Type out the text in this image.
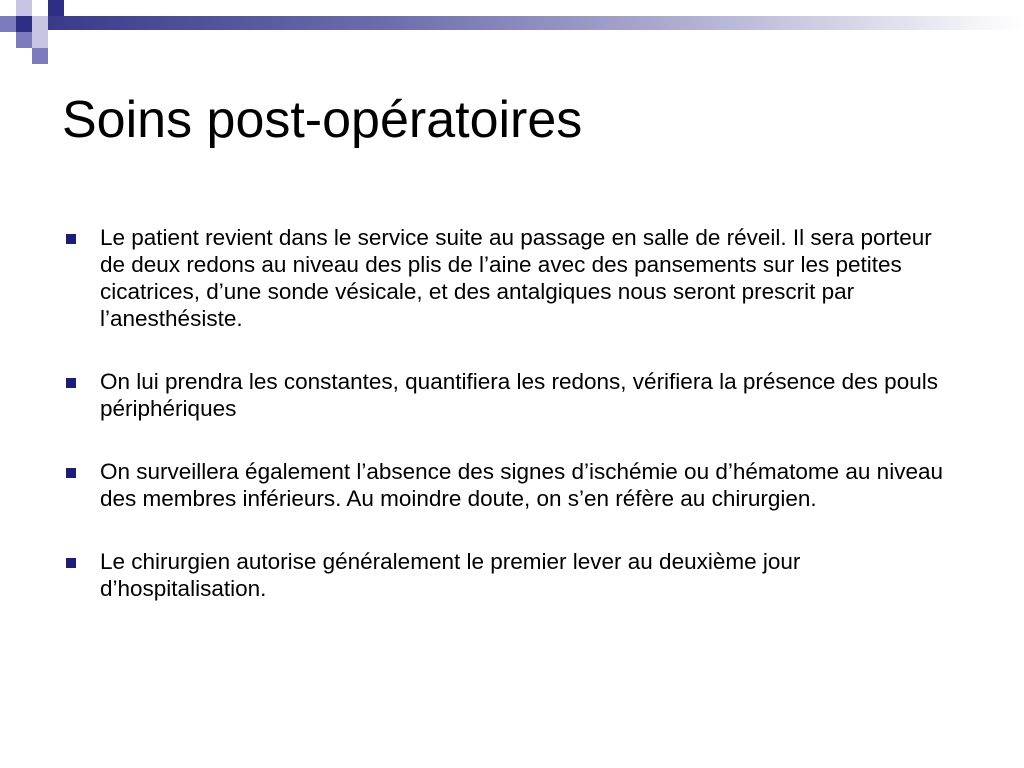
Soins post-opératoires
Le patient revient dans le service suite au passage en salle de réveil. Il sera porteur de deux redons au niveau des plis de l’aine avec des pansements sur les petites cicatrices, d’une sonde vésicale, et des antalgiques nous seront prescrit par l’anesthésiste.
On lui prendra les constantes, quantifiera les redons, vérifiera la présence des pouls périphériques
On surveillera également l’absence des signes d’ischémie ou d’hématome au niveau des membres inférieurs. Au moindre doute, on s’en réfère au chirurgien.
Le chirurgien autorise généralement le premier lever au deuxième jour d’hospitalisation.
